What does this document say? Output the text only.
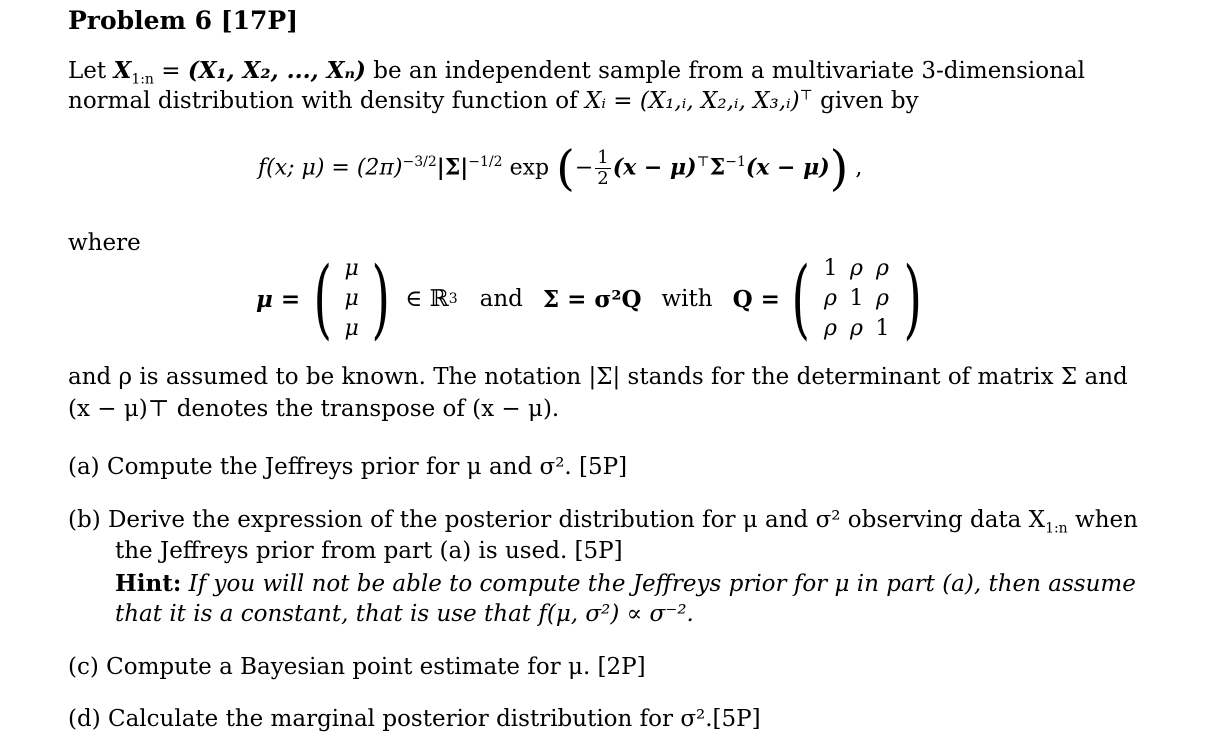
Problem 6 [17P]
Let $X_{1:n} = (X_1$, X₂, ..., Xₙ) be an independent sample from a multivariate 3-dimensional
normal distribution with density function of Xᵢ = (X₁,ᵢ, X₂,ᵢ, X₃,ᵢ)⊤ given by
f(x; $\mu) = (2\pi)^{-3/2}|\Sigma|^{-1/2}$ exp (− $\frac{1}{2} (x - \mu)^⊤\Sigma^{-1}(x - \mu)$) ,
where
μ = ( μ
μ
μ ) ∈ ℝ 3 and Σ = σ²Q with Q = ( 1 ρ ρ
ρ 1 ρ
ρ ρ 1 )
and ρ is assumed to be known. The notation |Σ| stands for the determinant of matrix Σ and
(x − μ)⊤ denotes the transpose of (x − μ).
(a) Compute the Jeffreys prior for μ and σ². [5P]
(b) Derive the expression of the posterior distribution for μ and σ² observing data $X_{1:n}$ when
the Jeffreys prior from part (a) is used. [5P]
Hint: If you will not be able to compute the Jeffreys prior for μ in part (a), then assume
that it is a constant, that is use that f(μ, σ²) ∝ σ⁻².
(c) Compute a Bayesian point estimate for μ. [2P]
(d) Calculate the marginal posterior distribution for σ².[5P]
